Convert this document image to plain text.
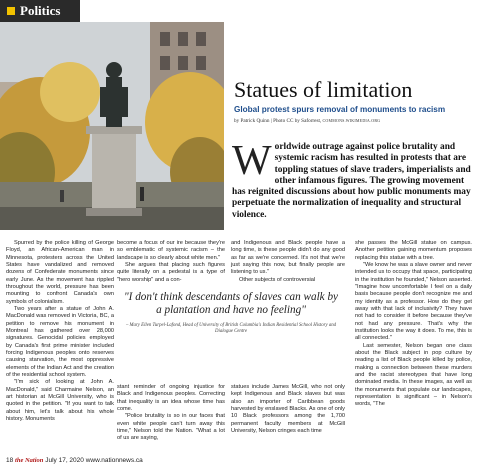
Politics
Statues of limitation
Global protest spurs removal of monuments to racism
by Patrick Quinn | Photo CC by Saforrest, COMMONS.WIKIMEDIA.ORG
Worldwide outrage against police brutality and systemic racism has resulted in protests that are toppling statues of slave traders, imperialists and other infamous figures. The growing movement has reignited discussions about how public monuments may perpetuate the normalization of inequality and structural violence.

Spurred by the police killing of George Floyd, an African-American man in Minnesota, protesters across the United States have vandalized and removed dozens of Confederate monuments since early June. As the movement has rippled throughout the world, pressure has been mounting to confront Canada's own symbols of colonialism.

Two years after a statue of John A. MacDonald was removed in Victoria, BC, a petition to remove his monument in Montreal has gathered over 28,000 signatures. Genocidal policies employed by Canada's first prime minister included forcing Indigenous peoples onto reserves causing starvation, the most oppressive elements of the Indian Act and the creation of the residential school system.

"I'm sick of looking at John A. MacDonald," said Charmaine Nelson, an art historian at McGill University, who is quoted in the petition. "If you want to talk about him, let's talk about his whole history. Monuments

become a focus of our ire because they're so emblematic of systemic racism – the landscape is so clearly about white men."

She argues that placing such figures quite literally on a pedestal is a type of "hero worship" and a con-

and Indigenous and Black people have a long time, is these people didn't do any good as far as we're concerned. It's not that we're just saying this now, but finally people are listening to us."

Other subjects of controversial

"I don't think descendants of slaves can walk by a plantation and have no feeling"
– Mary Ellen Turpel-Lafond, Head of University of British Columbia's Indian Residential School History and Dialogue Centre

stant reminder of ongoing injustice for Black and Indigenous peoples. Correcting that inequality is an idea whose time has come.

"Police brutality is so in our faces that even white people can't turn away this time," Nelson told the Nation. "What a lot of us are saying,

statues include James McGill, who not only kept Indigenous and Black slaves but was also an importer of Caribbean goods harvested by enslaved Blacks. As one of only 10 Black professors among the 1,700 permanent faculty members at McGill University, Nelson cringes each time

she passes the McGill statue on campus. Another petition gaining momentum proposes replacing this statue with a tree.

"We know he was a slave owner and never intended us to occupy that space, participating in the institution he founded," Nelson asserted. "Imagine how uncomfortable I feel on a daily basis because people don't recognize me and my identity as a professor. How do they get away with that lack of inclusivity? They have not had to consider it before because they've not had any pressure. That's why the institution looks the way it does. To me, this is all connected."

Last semester, Nelson began one class about the Black subject in pop culture by reading a list of Black people killed by police, making a connection between these murders and the racist stereotypes that have long dominated media. In these images, as well as the monuments that populate our landscapes, representation is significant – in Nelson's words, "The

18 the Nation July 17, 2020 www.nationnews.ca
